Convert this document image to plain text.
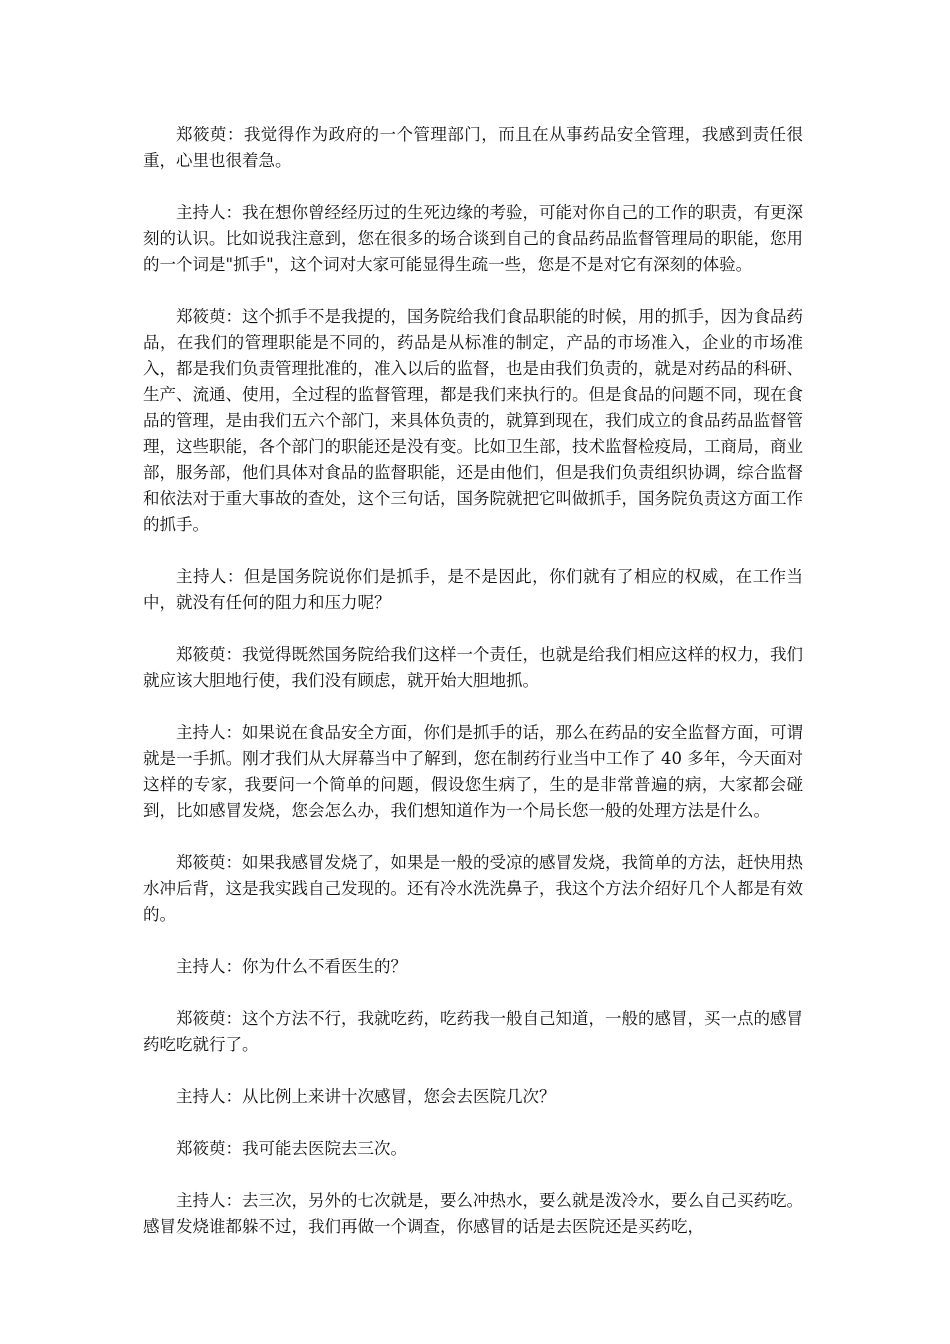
郑筱萸：我觉得作为政府的一个管理部门，而且在从事药品安全管理，我感到责任很重，心里也很着急。

主持人：我在想你曾经经历过的生死边缘的考验，可能对你自己的工作的职责，有更深刻的认识。比如说我注意到，您在很多的场合谈到自己的食品药品监督管理局的职能，您用的一个词是"抓手"，这个词对大家可能显得生疏一些，您是不是对它有深刻的体验。

郑筱萸：这个抓手不是我提的，国务院给我们食品职能的时候，用的抓手，因为食品药品，在我们的管理职能是不同的，药品是从标准的制定，产品的市场准入，企业的市场准入，都是我们负责管理批准的，准入以后的监督，也是由我们负责的，就是对药品的科研、生产、流通、使用，全过程的监督管理，都是我们来执行的。但是食品的问题不同，现在食品的管理，是由我们五六个部门，来具体负责的，就算到现在，我们成立的食品药品监督管理，这些职能，各个部门的职能还是没有变。比如卫生部，技术监督检疫局，工商局，商业部，服务部，他们具体对食品的监督职能，还是由他们，但是我们负责组织协调，综合监督和依法对于重大事故的查处，这个三句话，国务院就把它叫做抓手，国务院负责这方面工作的抓手。

主持人：但是国务院说你们是抓手，是不是因此，你们就有了相应的权威，在工作当中，就没有任何的阻力和压力呢？

郑筱萸：我觉得既然国务院给我们这样一个责任，也就是给我们相应这样的权力，我们就应该大胆地行使，我们没有顾虑，就开始大胆地抓。

主持人：如果说在食品安全方面，你们是抓手的话，那么在药品的安全监督方面，可谓就是一手抓。刚才我们从大屏幕当中了解到，您在制药行业当中工作了 40 多年，今天面对这样的专家，我要问一个简单的问题，假设您生病了，生的是非常普遍的病，大家都会碰到，比如感冒发烧，您会怎么办，我们想知道作为一个局长您一般的处理方法是什么。

郑筱萸：如果我感冒发烧了，如果是一般的受凉的感冒发烧，我简单的方法，赶快用热水冲后背，这是我实践自己发现的。还有冷水洗洗鼻子，我这个方法介绍好几个人都是有效的。

主持人：你为什么不看医生的？

郑筱萸：这个方法不行，我就吃药，吃药我一般自己知道，一般的感冒，买一点的感冒药吃吃就行了。

主持人：从比例上来讲十次感冒，您会去医院几次？

郑筱萸：我可能去医院去三次。

主持人：去三次，另外的七次就是，要么冲热水，要么就是泼冷水，要么自己买药吃。感冒发烧谁都躲不过，我们再做一个调查，你感冒的话是去医院还是买药吃，
